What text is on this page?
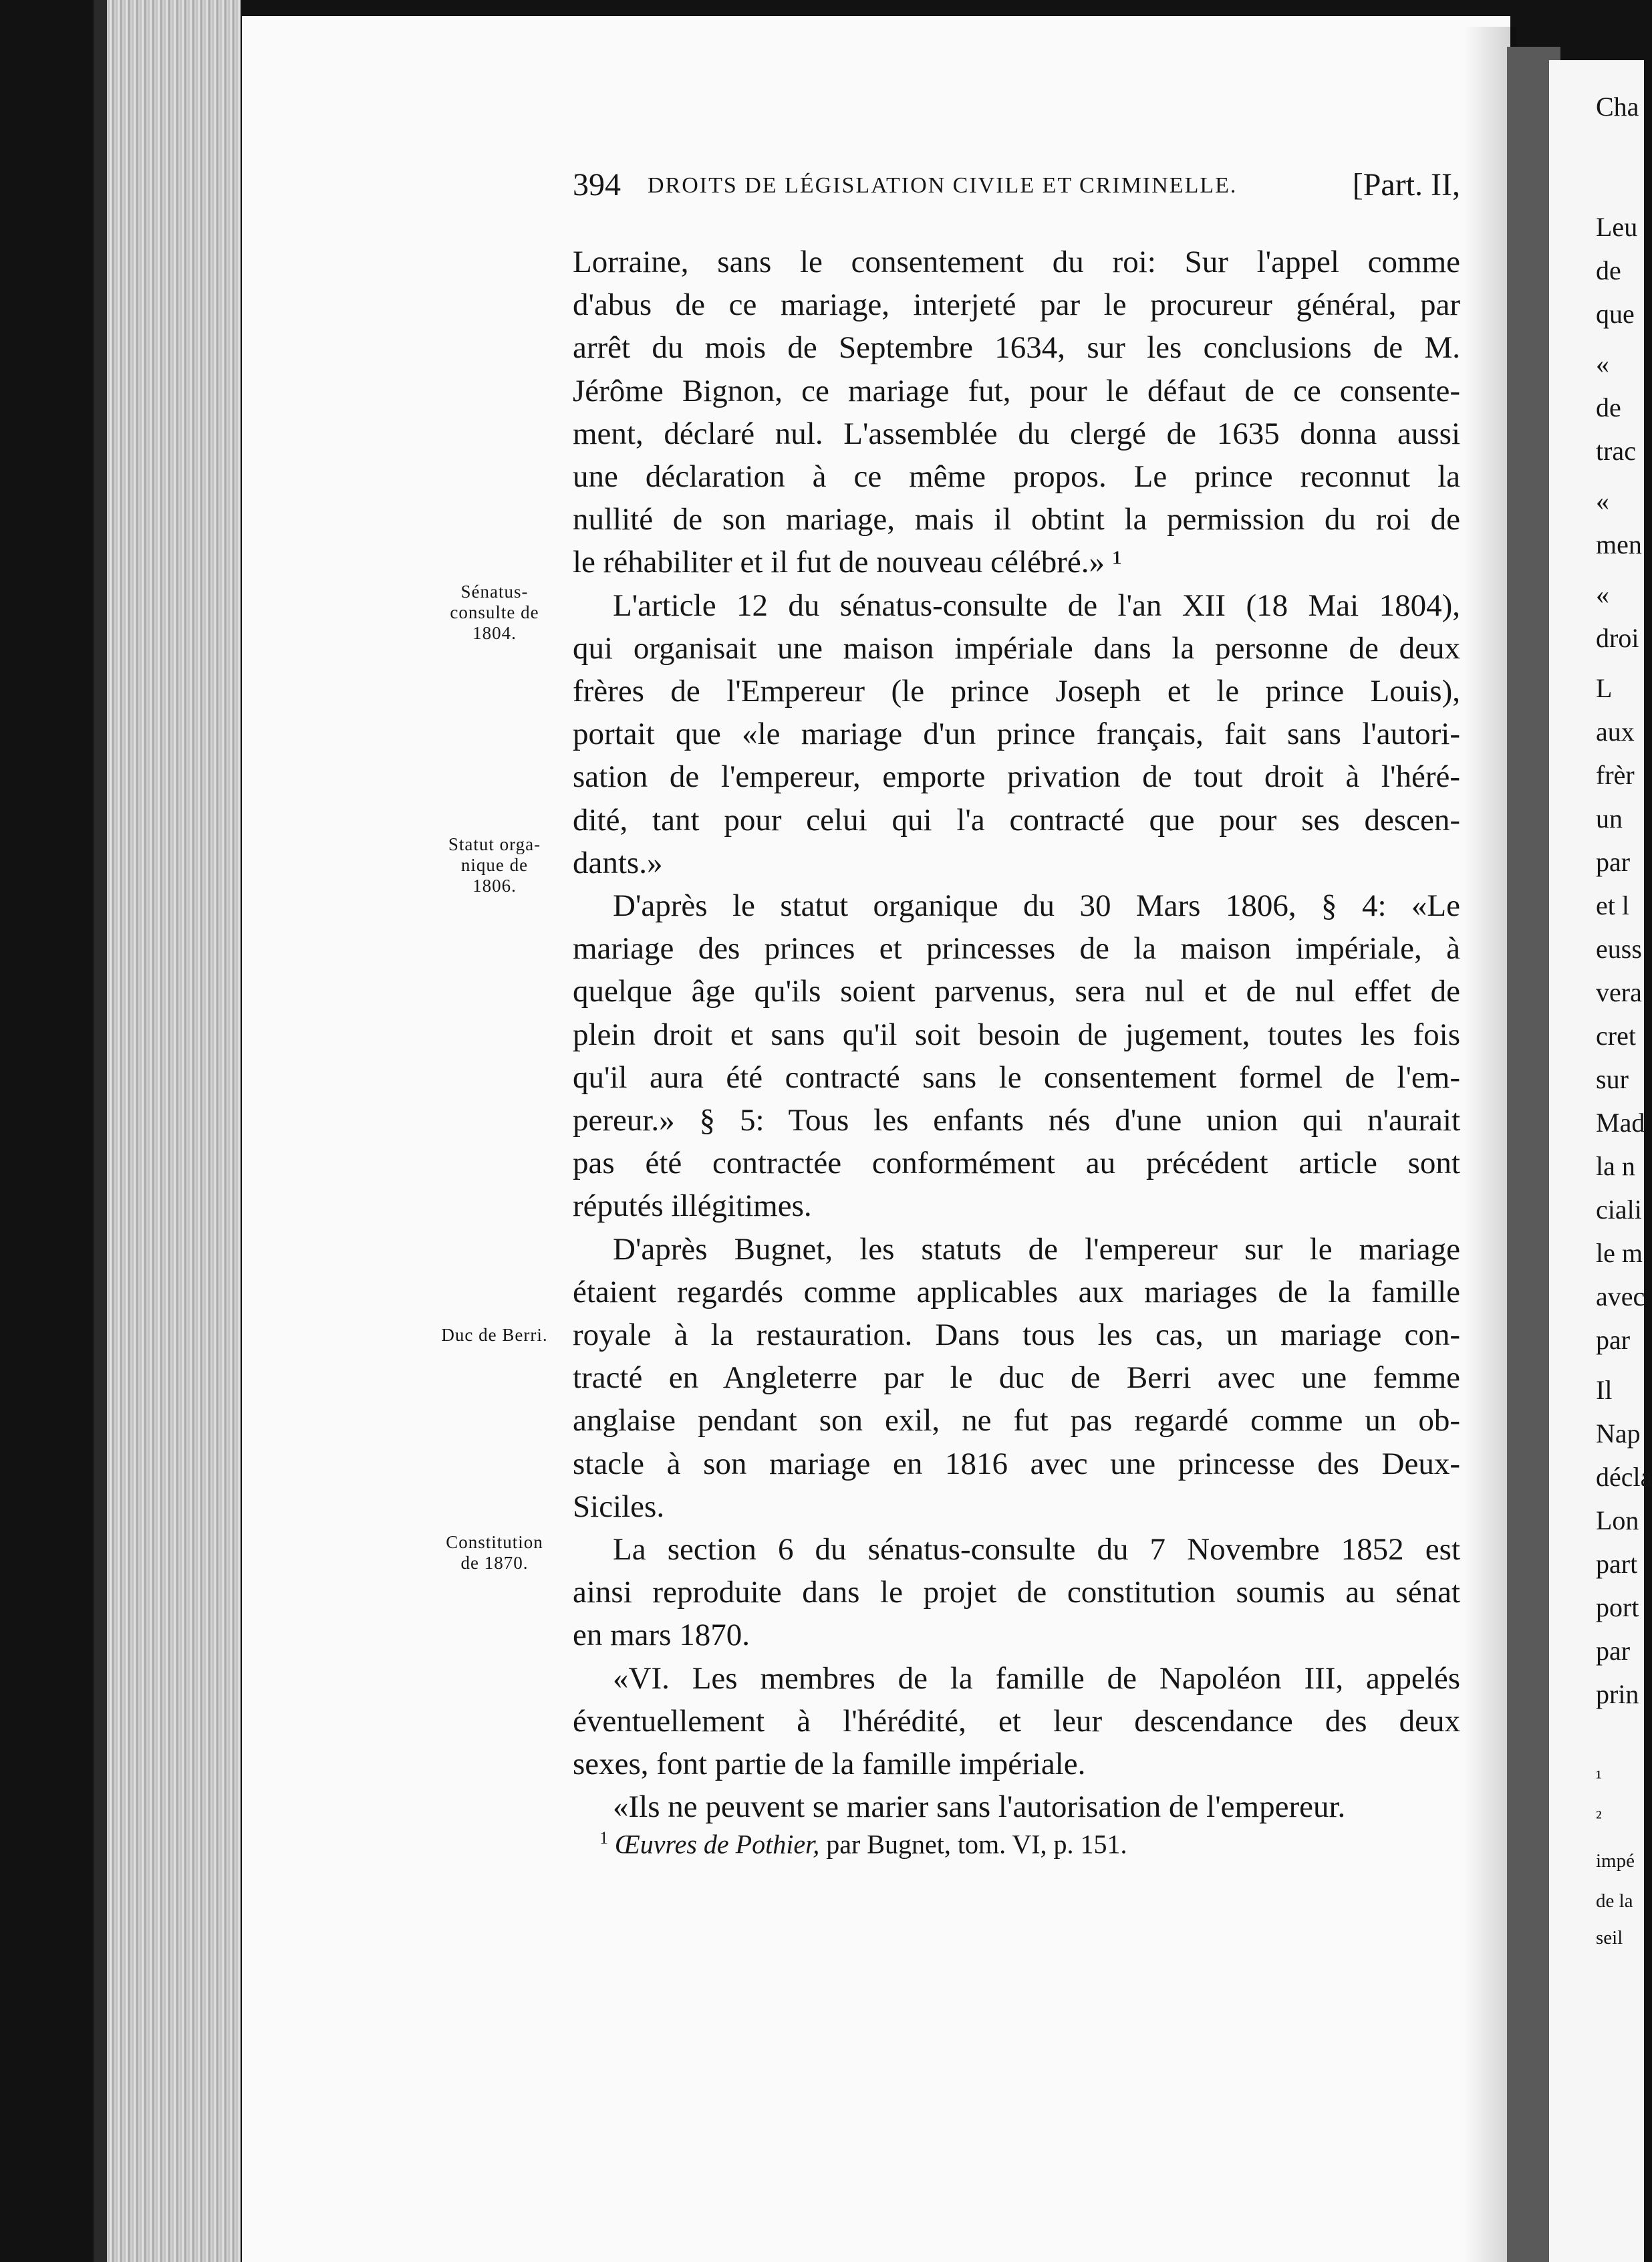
Cha
Leu
de
que
«
de
trac
«
men
«
droi
L
aux
frèr
un
par
et l
euss
vera
cret
sur
Mad
la n
ciali
le m
avec
par
Il
Nap
décla
Lon
part
port
par
prin
¹
²
impé
de la
seil
394 DROITS DE LÉGISLATION CIVILE ET CRIMINELLE.	[Part. II,
Lorraine, sans le consentement du roi: Sur l'appel comme
d'abus de ce mariage, interjeté par le procureur général, par
arrêt du mois de Septembre 1634, sur les conclusions de M.
Jérôme Bignon, ce mariage fut, pour le défaut de ce consente-
ment, déclaré nul. L'assemblée du clergé de 1635 donna aussi
une déclaration à ce même propos. Le prince reconnut la
nullité de son mariage, mais il obtint la permission du roi de
le réhabiliter et il fut de nouveau célébré.» ¹
L'article 12 du sénatus-consulte de l'an XII (18 Mai 1804),
qui organisait une maison impériale dans la personne de deux
frères de l'Empereur (le prince Joseph et le prince Louis),
portait que «le mariage d'un prince français, fait sans l'autori-
sation de l'empereur, emporte privation de tout droit à l'héré-
dité, tant pour celui qui l'a contracté que pour ses descen-
dants.»
D'après le statut organique du 30 Mars 1806, § 4: «Le
mariage des princes et princesses de la maison impériale, à
quelque âge qu'ils soient parvenus, sera nul et de nul effet de
plein droit et sans qu'il soit besoin de jugement, toutes les fois
qu'il aura été contracté sans le consentement formel de l'em-
pereur.» § 5: Tous les enfants nés d'une union qui n'aurait
pas été contractée conformément au précédent article sont
réputés illégitimes.
D'après Bugnet, les statuts de l'empereur sur le mariage
étaient regardés comme applicables aux mariages de la famille
royale à la restauration. Dans tous les cas, un mariage con-
tracté en Angleterre par le duc de Berri avec une femme
anglaise pendant son exil, ne fut pas regardé comme un ob-
stacle à son mariage en 1816 avec une princesse des Deux-
Siciles.
La section 6 du sénatus-consulte du 7 Novembre 1852 est
ainsi reproduite dans le projet de constitution soumis au sénat
en mars 1870.
«VI. Les membres de la famille de Napoléon III, appelés
éventuellement à l'hérédité, et leur descendance des deux
sexes, font partie de la famille impériale.
«Ils ne peuvent se marier sans l'autorisation de l'empereur.
$^1$ Œuvres de Pothier, par Bugnet, tom. VI, p. 151.
Sénatus-
consulte de
1804.
Statut orga-
nique de
1806.
Duc de Berri.
Constitution
de 1870.
